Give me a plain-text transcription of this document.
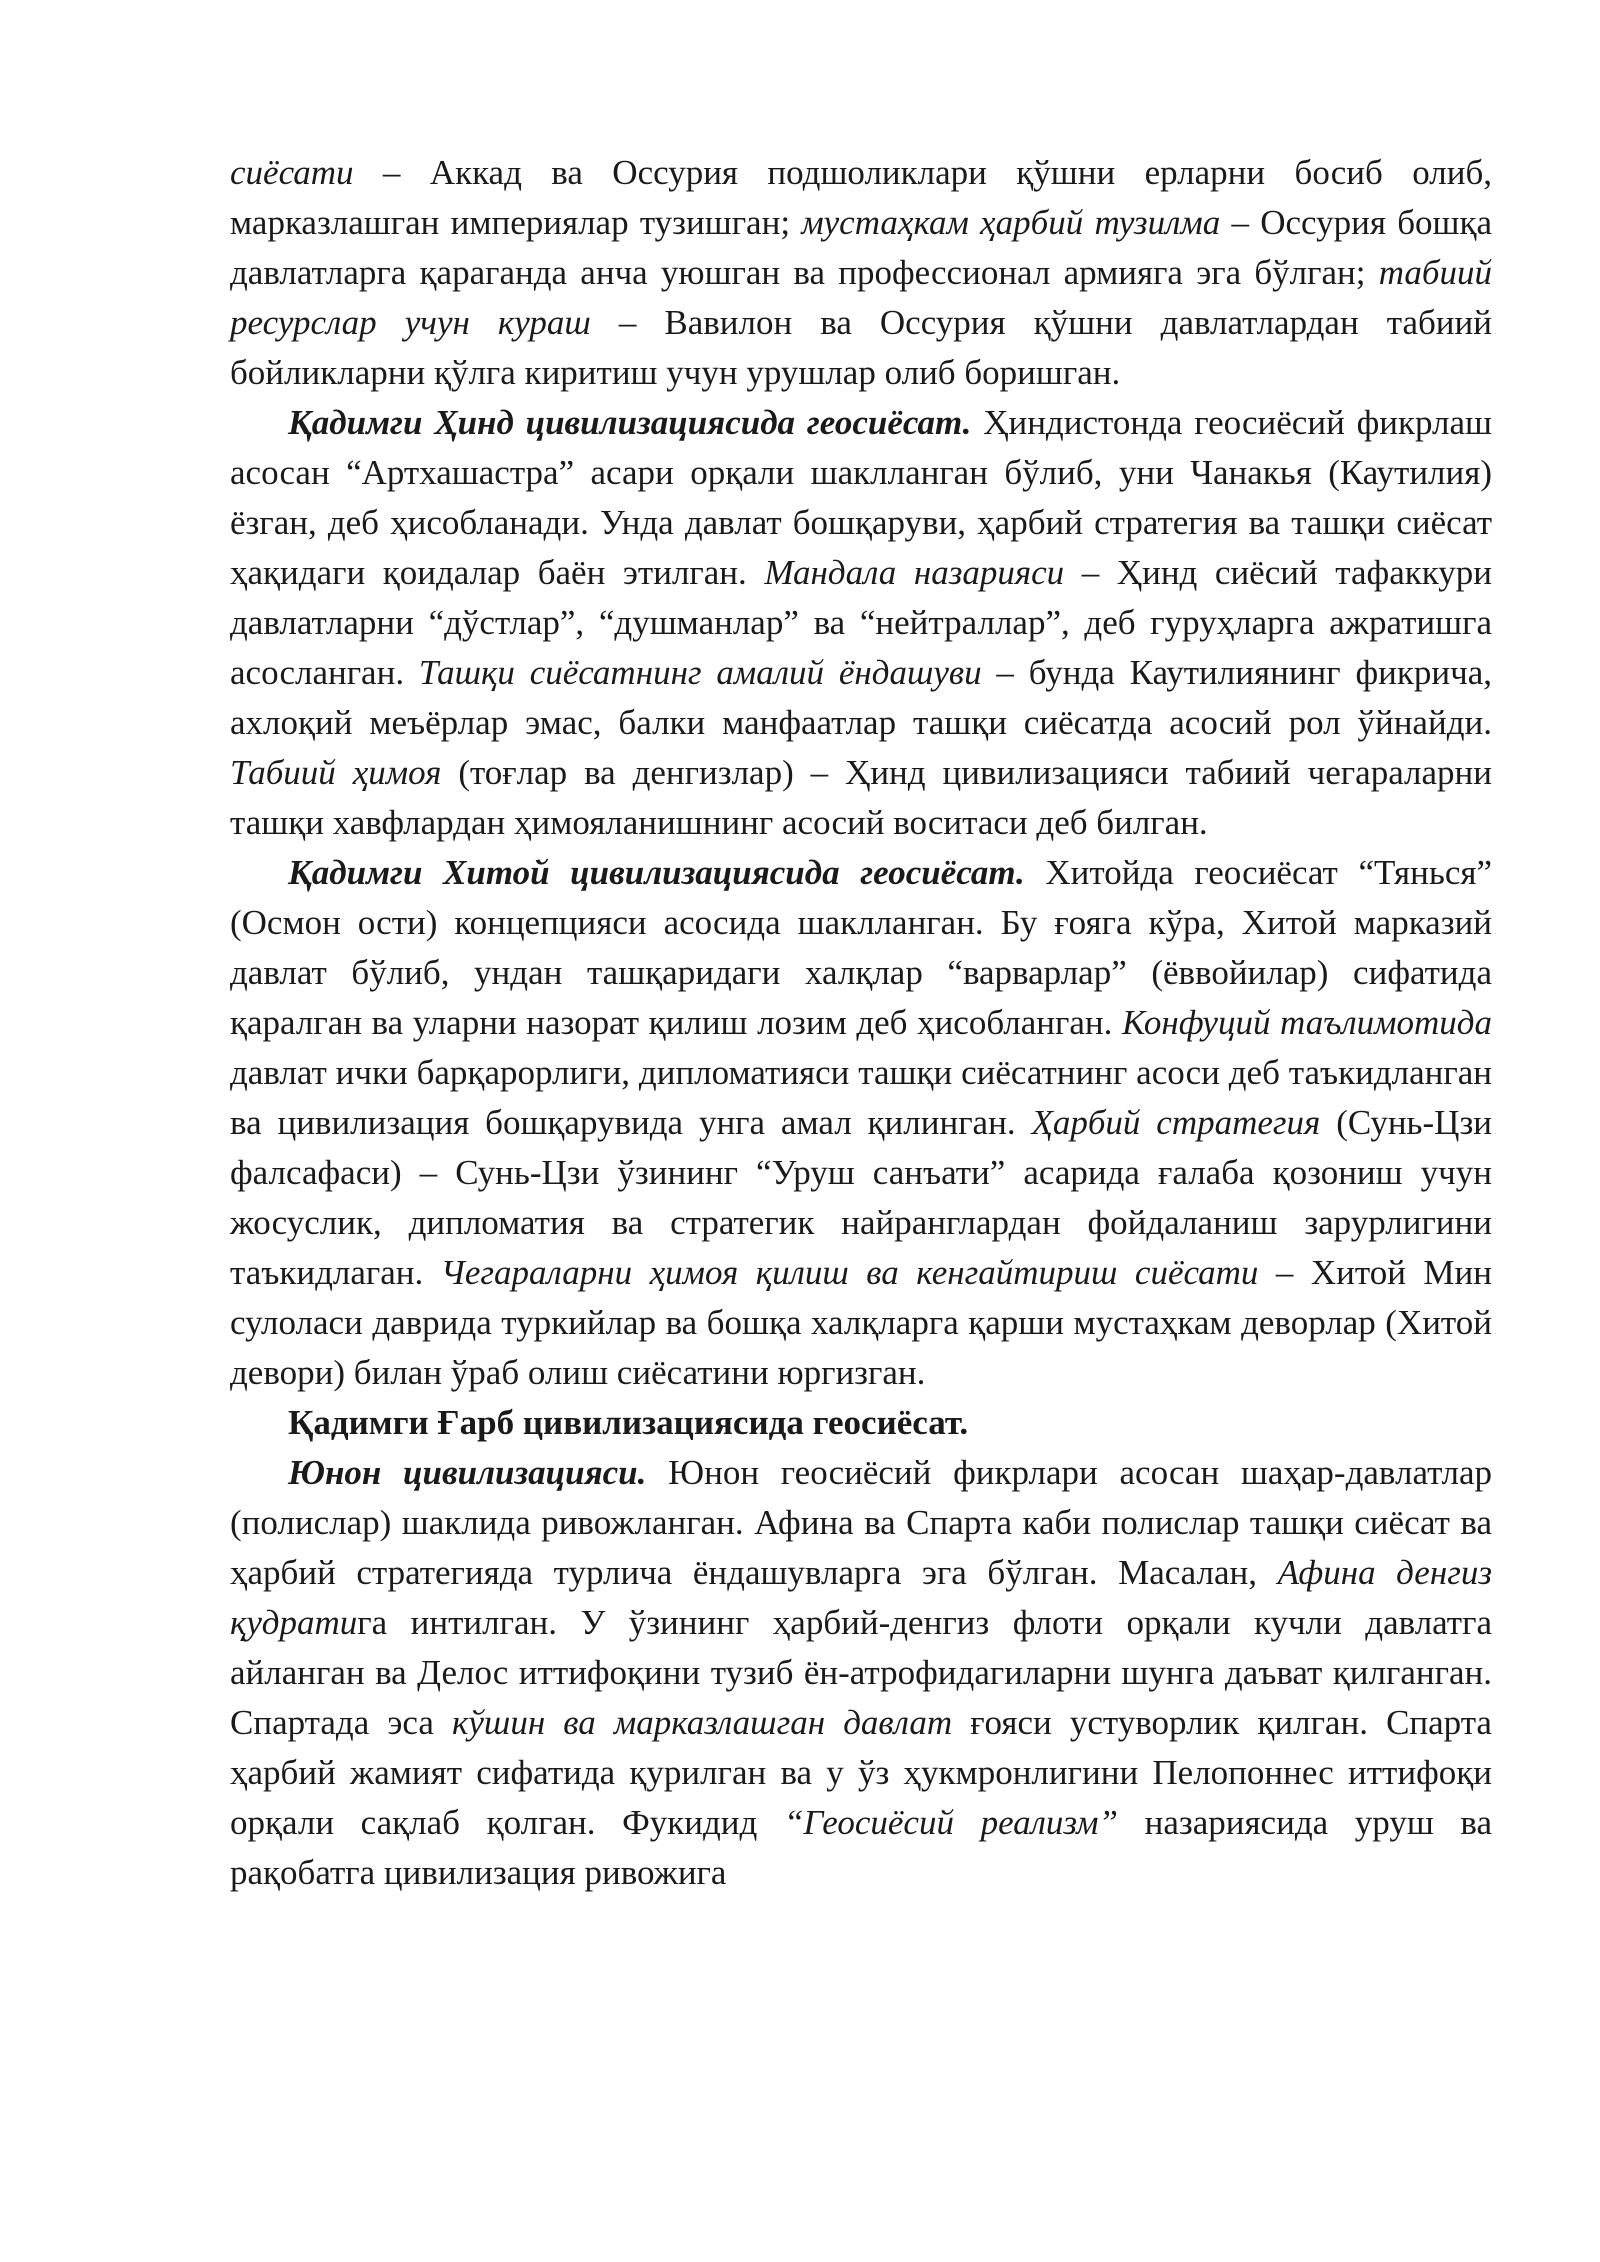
сиёсати – Аккад ва Оссурия подшоликлари қўшни ерларни босиб олиб, марказлашган империялар тузишган; мустаҳкам ҳарбий тузилма – Оссурия бошқа давлатларга қараганда анча уюшган ва профессионал армияга эга бўлган; табиий ресурслар учун кураш – Вавилон ва Оссурия қўшни давлатлардан табиий бойликларни қўлга киритиш учун урушлар олиб боришган.

Қадимги Ҳинд цивилизациясида геосиёсат. Ҳиндистонда геосиёсий фикрлаш асосан “Артхашастра” асари орқали шаклланган бўлиб, уни Чанакья (Каутилия) ёзган, деб ҳисобланади. Унда давлат бошқаруви, ҳарбий стратегия ва ташқи сиёсат ҳақидаги қоидалар баён этилган. Мандала назарияси – Ҳинд сиёсий тафаккури давлатларни “дўстлар”, “душманлар” ва “нейтраллар”, деб гуруҳларга ажратишга асосланган. Ташқи сиёсатнинг амалий ёндашуви – бунда Каутилиянинг фикрича, ахлоқий меъёрлар эмас, балки манфаатлар ташқи сиёсатда асосий рол ўйнайди. Табиий ҳимоя (тоғлар ва денгизлар) – Ҳинд цивилизацияси табиий чегараларни ташқи хавфлардан ҳимояланишнинг асосий воситаси деб билган.

Қадимги Хитой цивилизациясида геосиёсат. Хитойда геосиёсат “Тянься” (Осмон ости) концепцияси асосида шаклланган. Бу ғояга кўра, Хитой марказий давлат бўлиб, ундан ташқаридаги халқлар “варварлар” (ёввойилар) сифатида қаралган ва уларни назорат қилиш лозим деб ҳисобланган. Конфуций таълимотида давлат ички барқарорлиги, дипломатияси ташқи сиёсатнинг асоси деб таъкидланган ва цивилизация бошқарувида унга амал қилинган. Ҳарбий стратегия (Сунь-Цзи фалсафаси) – Сунь-Цзи ўзининг “Уруш санъати” асарида ғалаба қозониш учун жосуслик, дипломатия ва стратегик найранглардан фойдаланиш зарурлигини таъкидлаган. Чегараларни ҳимоя қилиш ва кенгайтириш сиёсати – Хитой Мин сулоласи даврида туркийлар ва бошқа халқларга қарши мустаҳкам деворлар (Хитой девори) билан ўраб олиш сиёсатини юргизган.

Қадимги Ғарб цивилизациясида геосиёсат.

Юнон цивилизацияси. Юнон геосиёсий фикрлари асосан шаҳар-давлатлар (полислар) шаклида ривожланган. Афина ва Спарта каби полислар ташқи сиёсат ва ҳарбий стратегияда турлича ёндашувларга эга бўлган. Масалан, Афина денгиз қудратига интилган. У ўзининг ҳарбий-денгиз флоти орқали кучли давлатга айланган ва Делос иттифоқини тузиб ён-атрофидагиларни шунга даъват қилганган. Спартада эса кўшин ва марказлашган давлат ғояси устуворлик қилган. Спарта ҳарбий жамият сифатида қурилган ва у ўз ҳукмронлигини Пелопоннес иттифоқи орқали сақлаб қолган. Фукидид “Геосиёсий реализм” назариясида уруш ва рақобатга цивилизация ривожига
